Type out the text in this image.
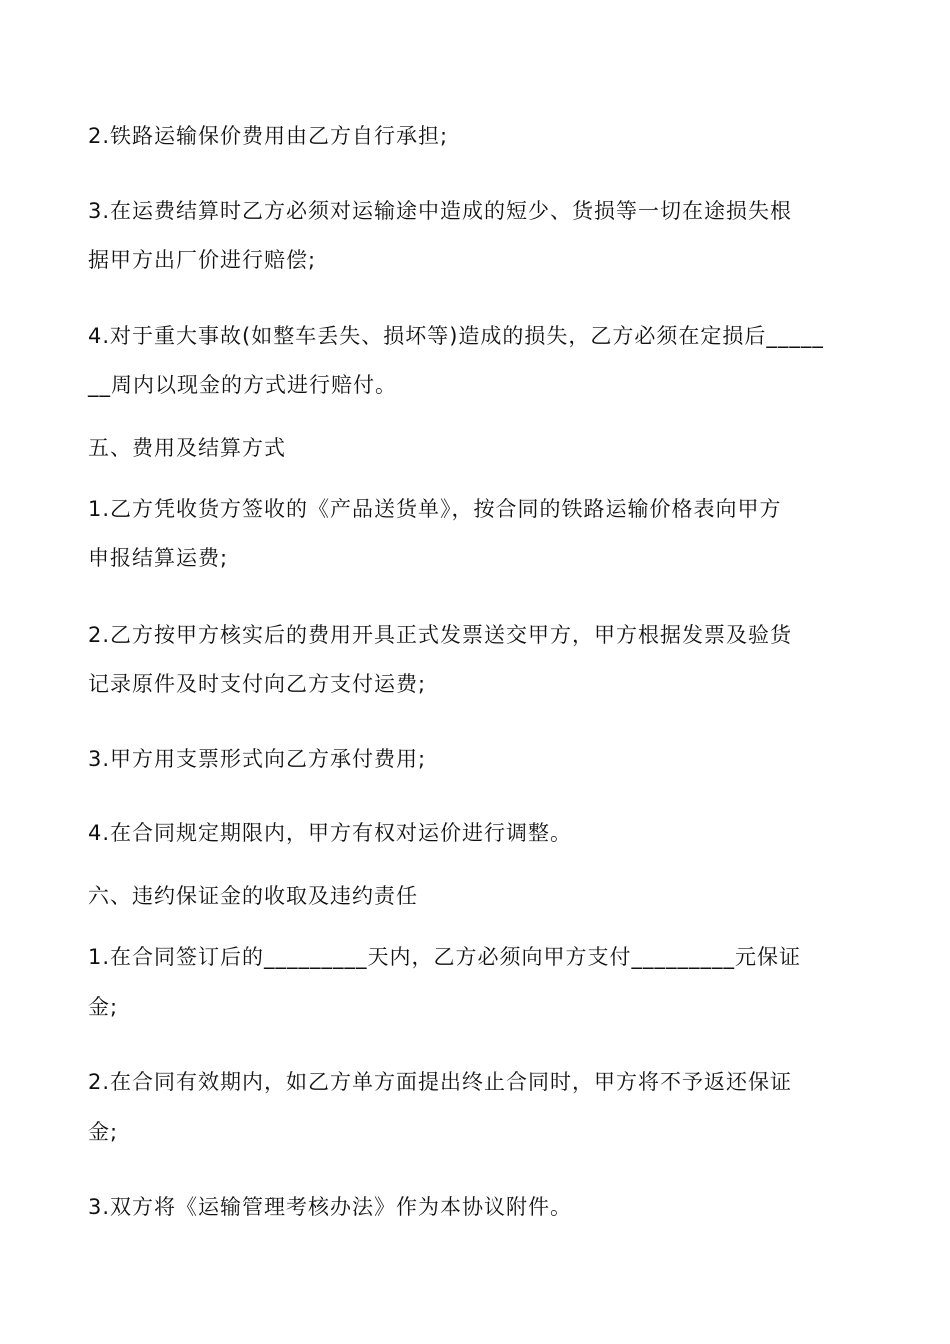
2.铁路运输保价费用由乙方自行承担;
3.在运费结算时乙方必须对运输途中造成的短少、货损等一切在途损失根
据甲方出厂价进行赔偿;
4.对于重大事故(如整车丢失、损坏等)造成的损失，乙方必须在定损后_____
__周内以现金的方式进行赔付。
五、费用及结算方式
1.乙方凭收货方签收的《产品送货单》，按合同的铁路运输价格表向甲方
申报结算运费;
2.乙方按甲方核实后的费用开具正式发票送交甲方，甲方根据发票及验货
记录原件及时支付向乙方支付运费;
3.甲方用支票形式向乙方承付费用;
4.在合同规定期限内，甲方有权对运价进行调整。
六、违约保证金的收取及违约责任
1.在合同签订后的_________天内，乙方必须向甲方支付_________元保证
金;
2.在合同有效期内，如乙方单方面提出终止合同时，甲方将不予返还保证
金;
3.双方将《运输管理考核办法》作为本协议附件。
